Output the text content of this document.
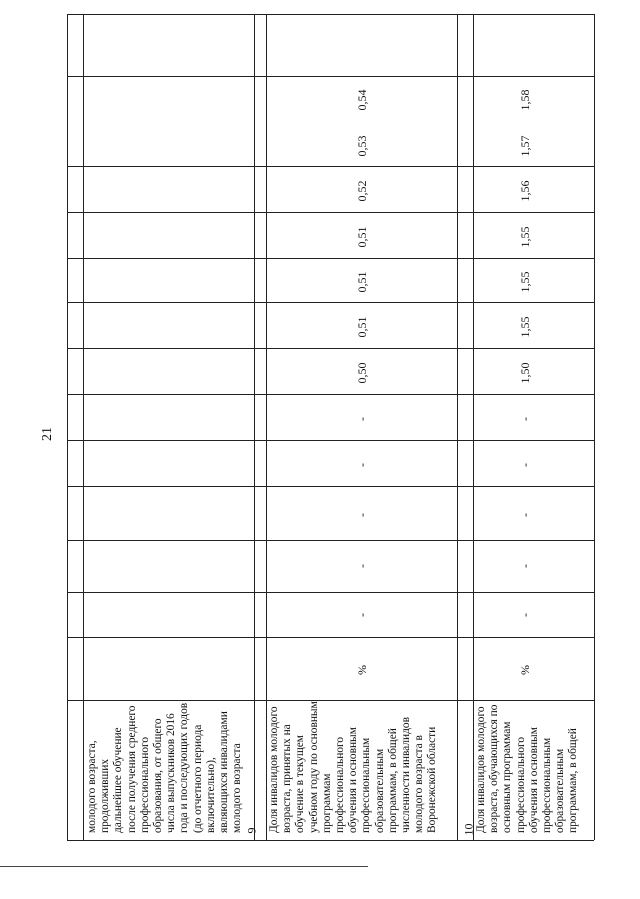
21
молодого возраста, продолживших дальнейшее обучение после получения среднего профессионального образования, от общего числа выпускников 2016 года и последующих годов (до отчетного периода включительно), являющихся инвалидами молодого возраста 9 Доля инвалидов молодого возраста, принятых на обучение в текущем учебном году по основным программам профессионального обучения и основным профессиональным образовательным программам, в общей численности инвалидов молодого возраста в Воронежской области
%
-
-
-
-
-
0,50
0,51
0,51
0,51
0,52
0,53
0,54
10 Доля инвалидов молодого возраста, обучающихся по основным программам профессионального обучения и основным профессиональным образовательным программам, в общей
%
-
-
-
-
-
1,50
1,55
1,55
1,55
1,56
1,57
1,58
